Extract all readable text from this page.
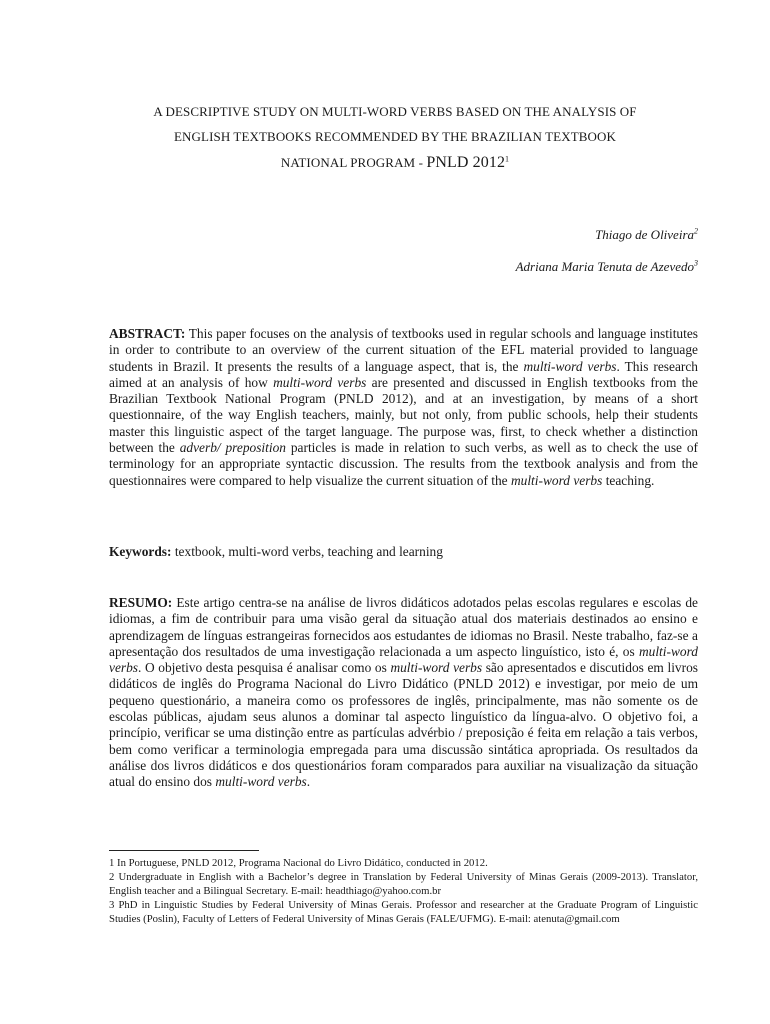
A DESCRIPTIVE STUDY ON MULTI-WORD VERBS BASED ON THE ANALYSIS OF
ENGLISH TEXTBOOKS RECOMMENDED BY THE BRAZILIAN TEXTBOOK
NATIONAL PROGRAM - PNLD 2012$^1$
Thiago de Oliveira$^2$
Adriana Maria Tenuta de Azevedo$^3$
ABSTRACT: This paper focuses on the analysis of textbooks used in regular schools and language institutes in order to contribute to an overview of the current situation of the EFL material provided to language students in Brazil. It presents the results of a language aspect, that is, the multi-word verbs. This research aimed at an analysis of how multi-word verbs are presented and discussed in English textbooks from the Brazilian Textbook National Program (PNLD 2012), and at an investigation, by means of a short questionnaire, of the way English teachers, mainly, but not only, from public schools, help their students master this linguistic aspect of the target language. The purpose was, first, to check whether a distinction between the adverb/ preposition particles is made in relation to such verbs, as well as to check the use of terminology for an appropriate syntactic discussion. The results from the textbook analysis and from the questionnaires were compared to help visualize the current situation of the multi-word verbs teaching.
Keywords: textbook, multi-word verbs, teaching and learning
RESUMO: Este artigo centra-se na análise de livros didáticos adotados pelas escolas regulares e escolas de idiomas, a fim de contribuir para uma visão geral da situação atual dos materiais destinados ao ensino e aprendizagem de línguas estrangeiras fornecidos aos estudantes de idiomas no Brasil. Neste trabalho, faz-se a apresentação dos resultados de uma investigação relacionada a um aspecto linguístico, isto é, os multi-word verbs. O objetivo desta pesquisa é analisar como os multi-word verbs são apresentados e discutidos em livros didáticos de inglês do Programa Nacional do Livro Didático (PNLD 2012) e investigar, por meio de um pequeno questionário, a maneira como os professores de inglês, principalmente, mas não somente os de escolas públicas, ajudam seus alunos a dominar tal aspecto linguístico da língua-alvo. O objetivo foi, a princípio, verificar se uma distinção entre as partículas advérbio / preposição é feita em relação a tais verbos, bem como verificar a terminologia empregada para uma discussão sintática apropriada. Os resultados da análise dos livros didáticos e dos questionários foram comparados para auxiliar na visualização da situação atual do ensino dos multi-word verbs.
1 In Portuguese, PNLD 2012, Programa Nacional do Livro Didático, conducted in 2012.
2 Undergraduate in English with a Bachelor’s degree in Translation by Federal University of Minas Gerais (2009-2013). Translator, English teacher and a Bilingual Secretary. E-mail: headthiago@yahoo.com.br
3 PhD in Linguistic Studies by Federal University of Minas Gerais. Professor and researcher at the Graduate Program of Linguistic Studies (Poslin), Faculty of Letters of Federal University of Minas Gerais (FALE/UFMG). E-mail: atenuta@gmail.com
